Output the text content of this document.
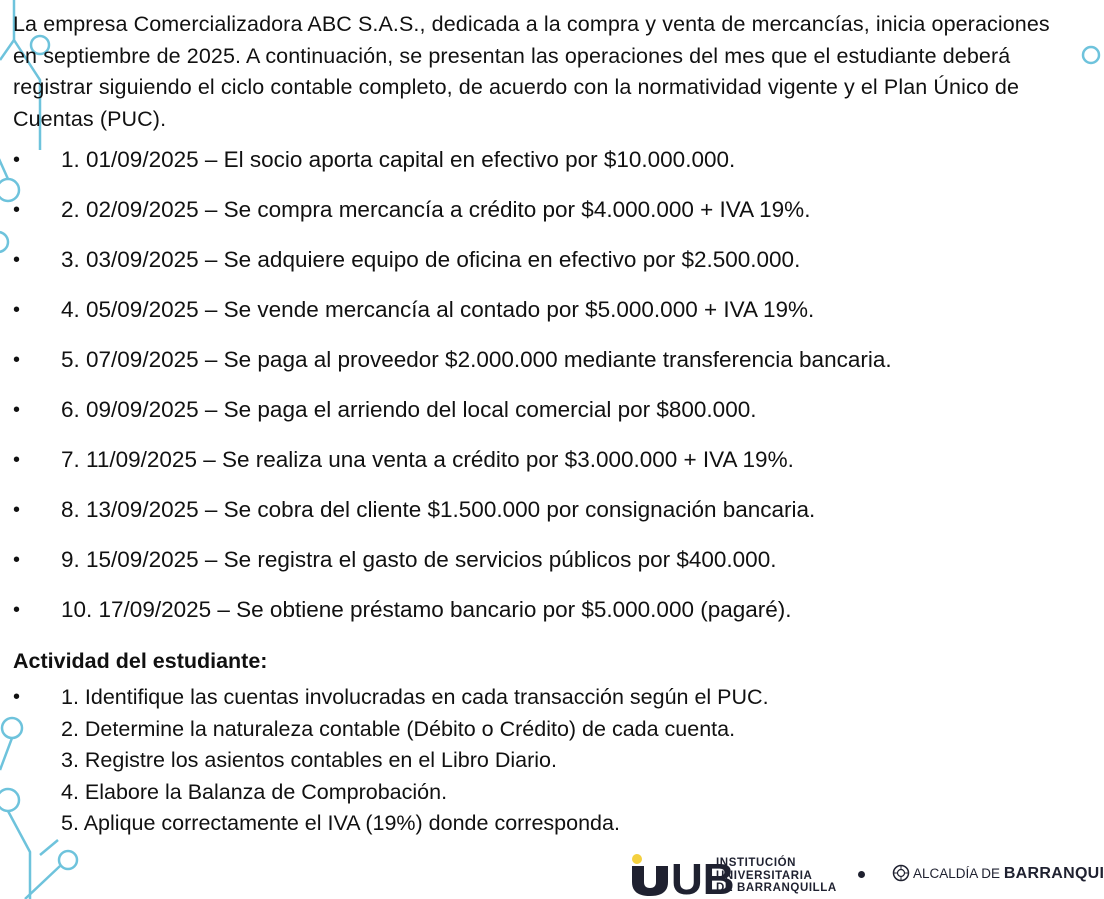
La empresa Comercializadora ABC S.A.S., dedicada a la compra y venta de mercancías, inicia operaciones en septiembre de 2025. A continuación, se presentan las operaciones del mes que el estudiante deberá registrar siguiendo el ciclo contable completo, de acuerdo con la normatividad vigente y el Plan Único de Cuentas (PUC).

• 1. 01/09/2025 – El socio aporta capital en efectivo por $10.000.000.
• 2. 02/09/2025 – Se compra mercancía a crédito por $4.000.000 + IVA 19%.
• 3. 03/09/2025 – Se adquiere equipo de oficina en efectivo por $2.500.000.
• 4. 05/09/2025 – Se vende mercancía al contado por $5.000.000 + IVA 19%.
• 5. 07/09/2025 – Se paga al proveedor $2.000.000 mediante transferencia bancaria.
• 6. 09/09/2025 – Se paga el arriendo del local comercial por $800.000.
• 7. 11/09/2025 – Se realiza una venta a crédito por $3.000.000 + IVA 19%.
• 8. 13/09/2025 – Se cobra del cliente $1.500.000 por consignación bancaria.
• 9. 15/09/2025 – Se registra el gasto de servicios públicos por $400.000.
• 10. 17/09/2025 – Se obtiene préstamo bancario por $5.000.000 (pagaré).
Actividad del estudiante:
•	1. Identifique las cuentas involucradas en cada transacción según el PUC.
2. Determine la naturaleza contable (Débito o Crédito) de cada cuenta.
3. Registre los asientos contables en el Libro Diario.
4. Elabore la Balanza de Comprobación.
5. Aplique correctamente el IVA (19%) donde corresponda.
UB
INSTITUCIÓN
UNIVERSITARIA
DE BARRANQUILLA
ALCALDÍA DE BARRANQUI
